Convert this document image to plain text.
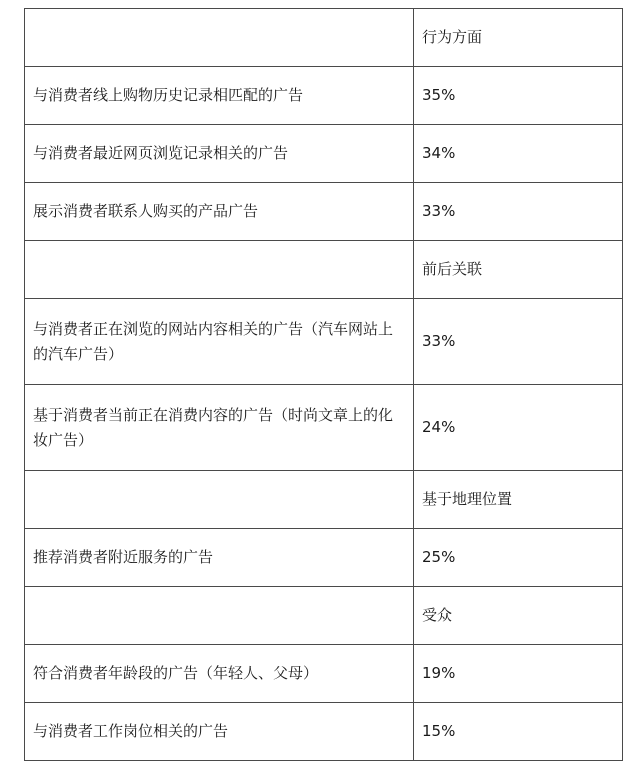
	行为方面
与消费者线上购物历史记录相匹配的广告	35%
与消费者最近网页浏览记录相关的广告	34%
展示消费者联系人购买的产品广告	33%
	前后关联
与消费者正在浏览的网站内容相关的广告（汽车网站上的汽车广告）	33%
基于消费者当前正在消费内容的广告（时尚文章上的化妆广告）	24%
	基于地理位置
推荐消费者附近服务的广告	25%
	受众
符合消费者年龄段的广告（年轻人、父母）	19%
与消费者工作岗位相关的广告	15%
